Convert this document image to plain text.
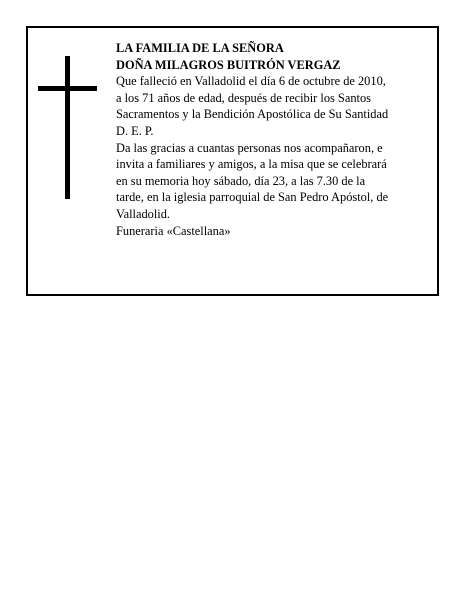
LA FAMILIA DE LA SEÑORA

DOÑA MILAGROS BUITRÓN VERGAZ

Que falleció en Valladolid el día 6 de octubre de 2010,

a los 71 años de edad, después de recibir los Santos

Sacramentos y la Bendición Apostólica de Su Santidad

D. E. P.

Da las gracias a cuantas personas nos acompañaron, e

invita a familiares y amigos, a la misa que se celebrará

en su memoria hoy sábado, día 23, a las 7.30 de la

tarde, en la iglesia parroquial de San Pedro Apóstol, de

Valladolid.

Funeraria «Castellana»
